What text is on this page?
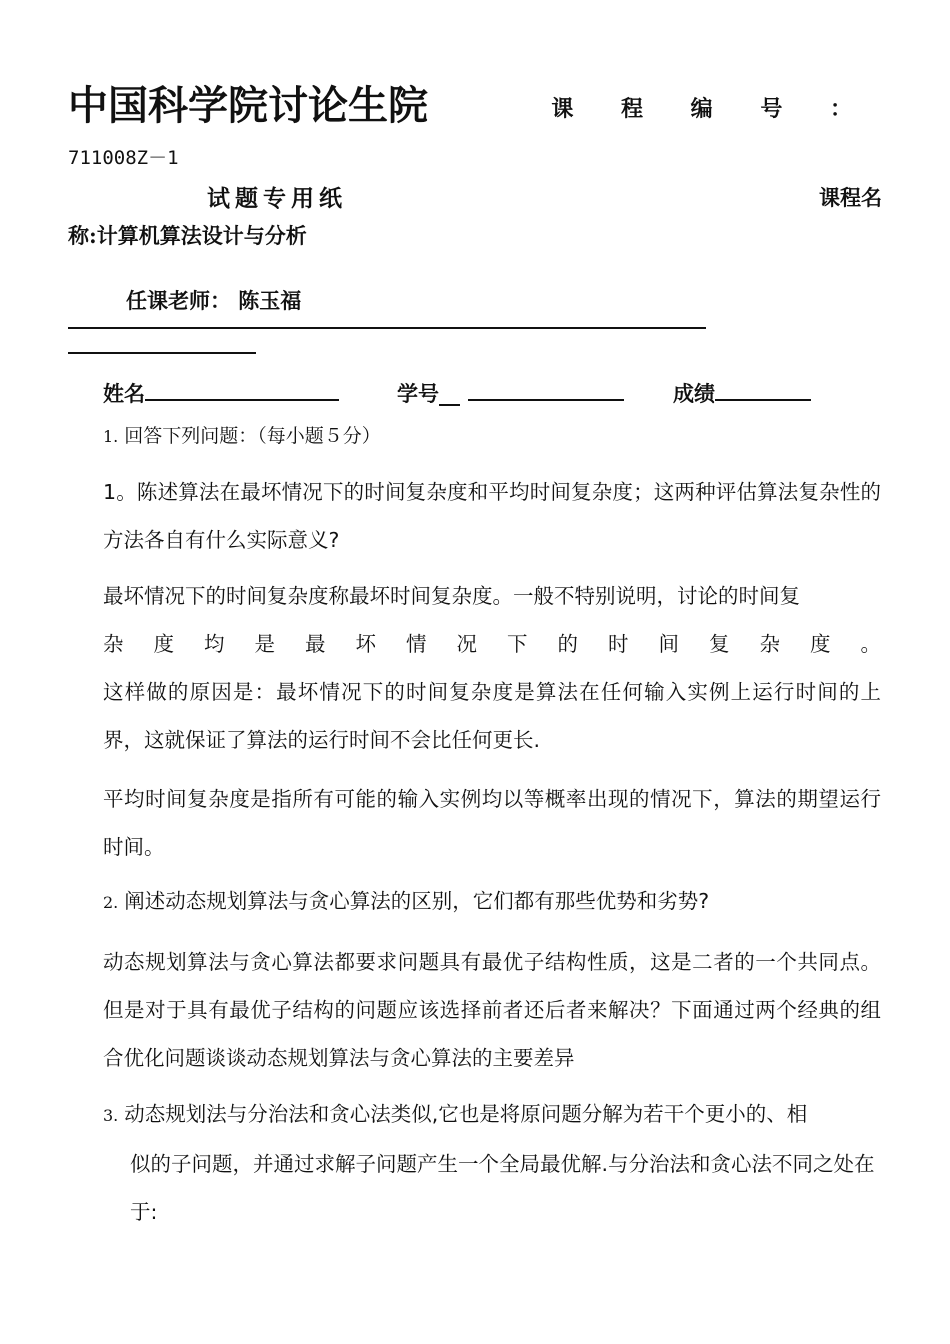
中国科学院讨论生院	课 程 编 号 ：
711008Z－1
试题专用纸	课程名
称:计算机算法设计与分析
任课老师： 陈玉福
姓名	学号__	成绩
1. 回答下列问题：（每小题５分）
1。陈述算法在最坏情况下的时间复杂度和平均时间复杂度；这两种评估算法复杂性的方法各自有什么实际意义?
最坏情况下的时间复杂度称最坏时间复杂度。一般不特别说明，讨论的时间复
杂 度 均 是 最 坏 情 况 下 的 时 间 复 杂 度 。
这样做的原因是：最坏情况下的时间复杂度是算法在任何输入实例上运行时间的上界，这就保证了算法的运行时间不会比任何更长.
平均时间复杂度是指所有可能的输入实例均以等概率出现的情况下，算法的期望运行时间。
2. 阐述动态规划算法与贪心算法的区别，它们都有那些优势和劣势?
动态规划算法与贪心算法都要求问题具有最优子结构性质，这是二者的一个共同点。但是对于具有最优子结构的问题应该选择前者还后者来解决？下面通过两个经典的组合优化问题谈谈动态规划算法与贪心算法的主要差异
3. 动态规划法与分治法和贪心法类似,它也是将原问题分解为若干个更小的、相
似的子问题，并通过求解子问题产生一个全局最优解.与分治法和贪心法不同之处在于:
